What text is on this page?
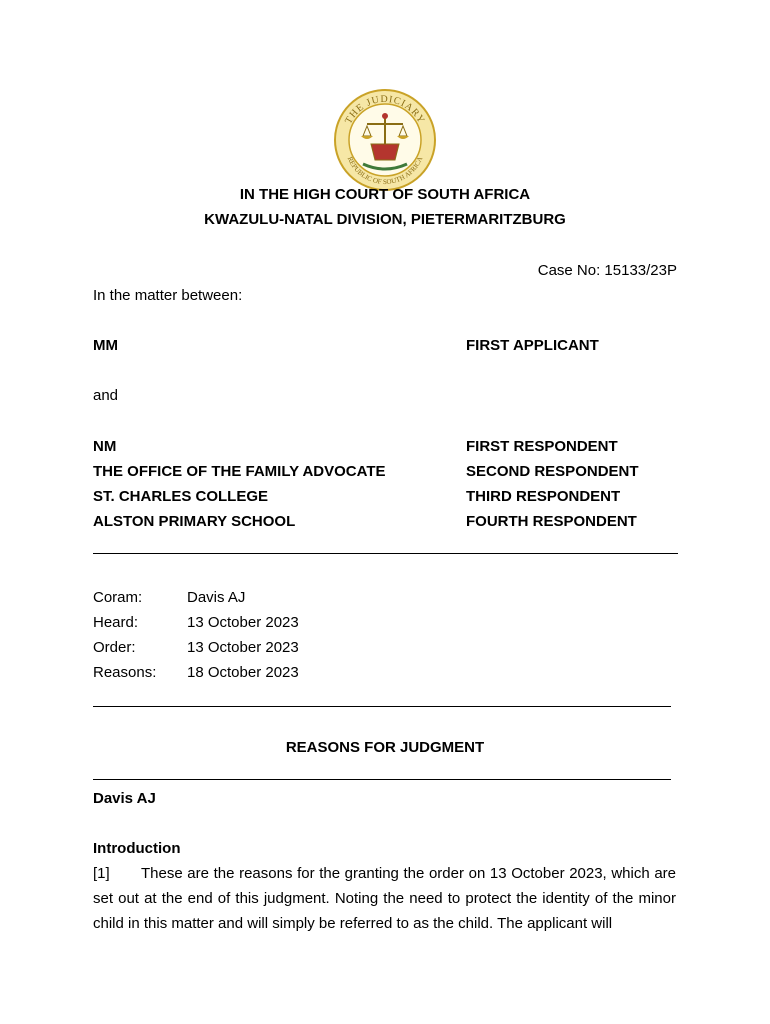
THE JUDICIARY
REPUBLIC OF SOUTH AFRICA
IN THE HIGH COURT OF SOUTH AFRICA
KWAZULU-NATAL DIVISION, PIETERMARITZBURG
Case No: 15133/23P
In the matter between:
MM	FIRST APPLICANT
and
NM	FIRST RESPONDENT
THE OFFICE OF THE FAMILY ADVOCATE	SECOND RESPONDENT
ST. CHARLES COLLEGE	THIRD RESPONDENT
ALSTON PRIMARY SCHOOL	FOURTH RESPONDENT
Coram:	Davis AJ
Heard:	13 October 2023
Order:	13 October 2023
Reasons: 18 October 2023
REASONS FOR JUDGMENT
Davis AJ
Introduction
[1] These are the reasons for the granting the order on 13 October 2023, which are set out at the end of this judgment. Noting the need to protect the identity of the minor child in this matter and will simply be referred to as the child. The applicant will
